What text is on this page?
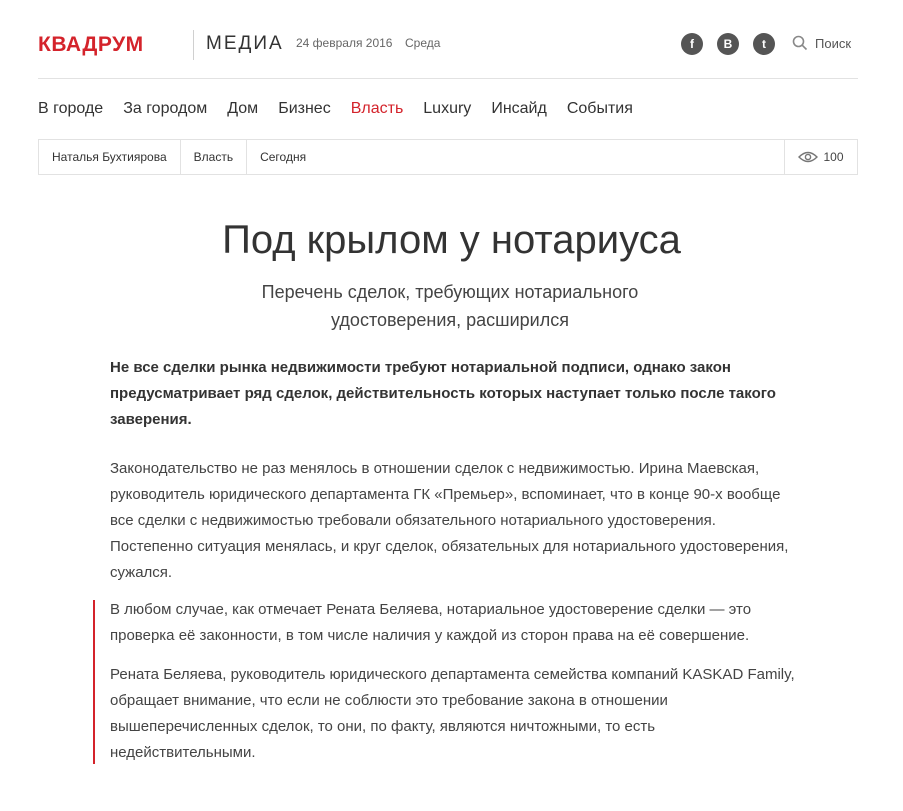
КВАДРУМ	МЕДИА 24 февраля 2016 Среда	f	B	t	Поиск
В городе За городом Дом Бизнес Власть Luxury Инсайд События
Наталья Бухтиярова	Власть	Сегодня	100
Под крылом у нотариуса

Перечень сделок, требующих нотариального
удостоверения, расширился

Не все сделки рынка недвижимости требуют нотариальной подписи, однако закон предусматривает ряд сделок, действительность которых наступает только после такого заверения.

Законодательство не раз менялось в отношении сделок с недвижимостью. Ирина Маевская, руководитель юридического департамента ГК «Премьер», вспоминает, что в конце 90-х вообще все сделки с недвижимостью требовали обязательного нотариального удостоверения. Постепенно ситуация менялась, и круг сделок, обязательных для нотариального удостоверения, сужался.

В любом случае, как отмечает Рената Беляева, нотариальное удостоверение сделки — это проверка её законности, в том числе наличия у каждой из сторон права на её совершение.

Рената Беляева, руководитель юридического департамента семейства компаний KASKAD Family, обращает внимание, что если не соблюсти это требование закона в отношении вышеперечисленных сделок, то они, по факту, являются ничтожными, то есть недействительными.
